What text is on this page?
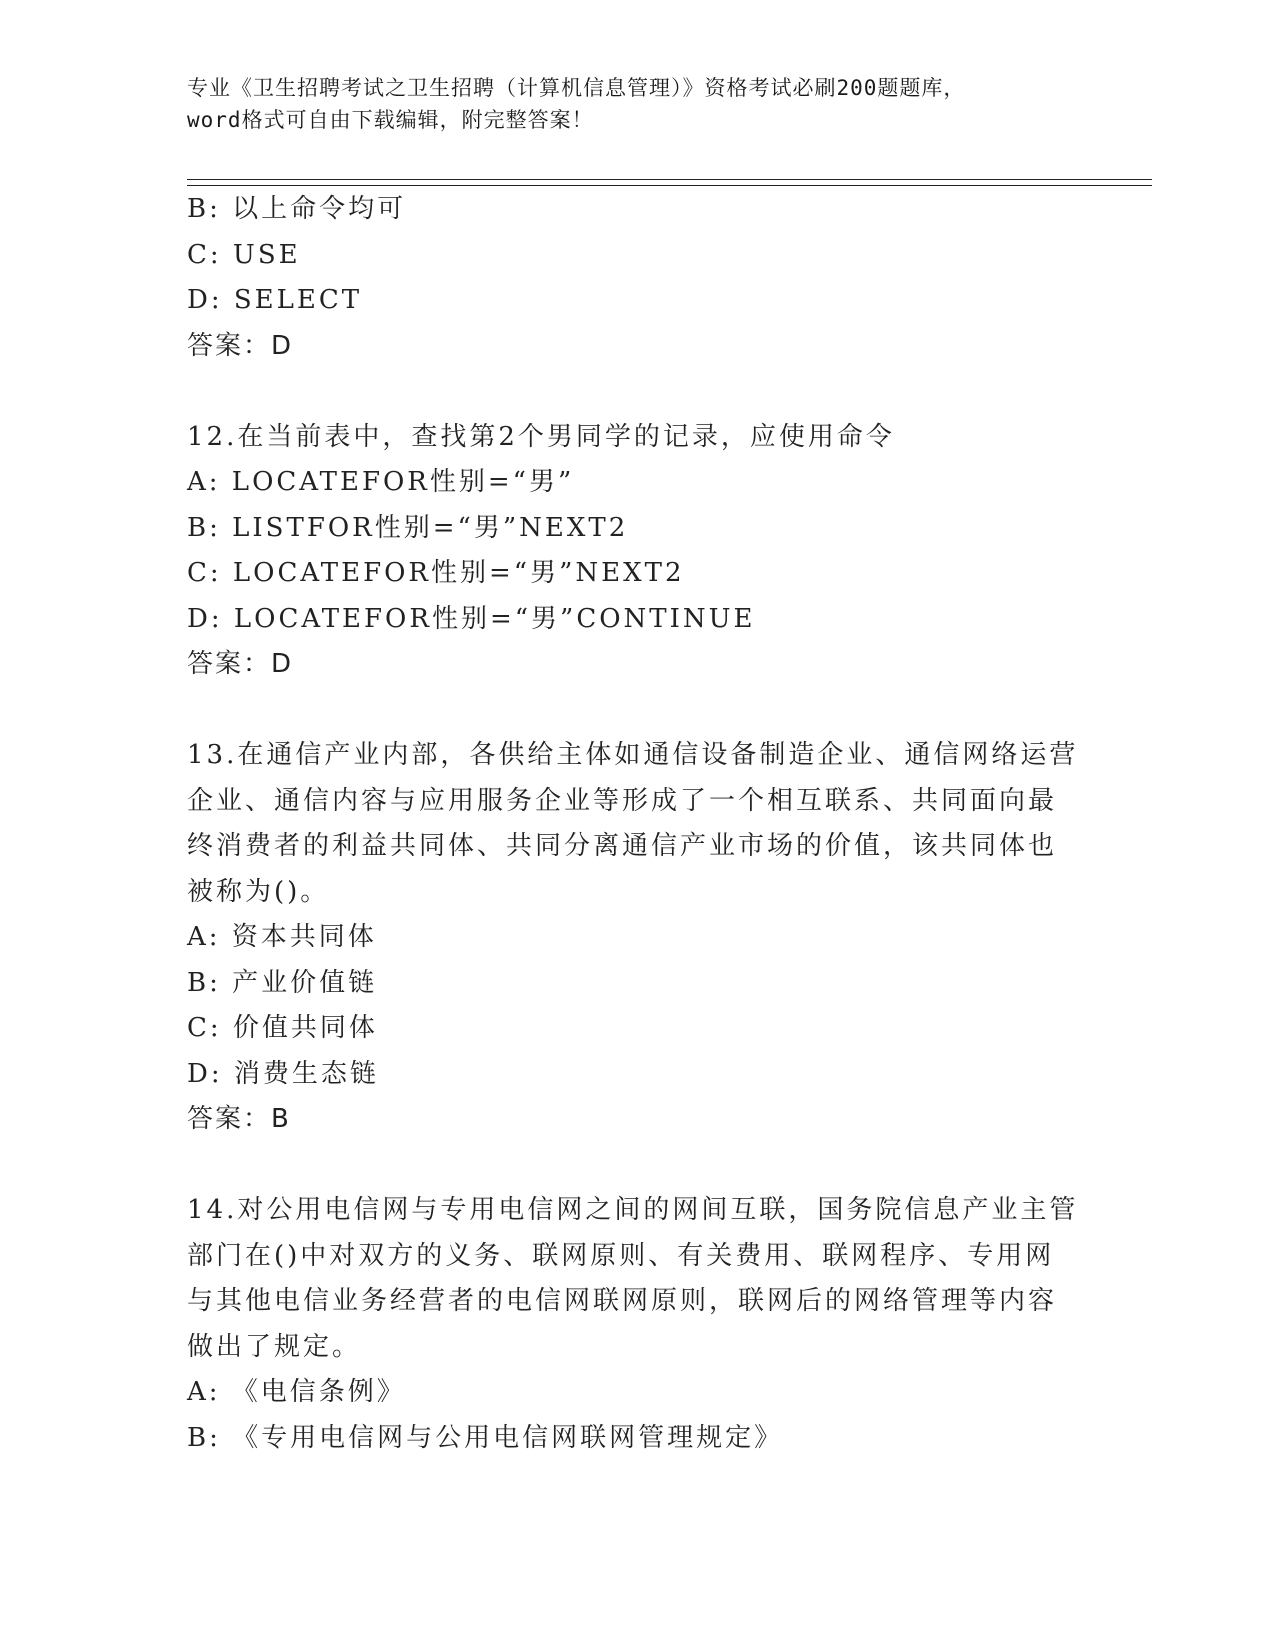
专业《卫生招聘考试之卫生招聘（计算机信息管理）》资格考试必刷200题题库，
word格式可自由下载编辑，附完整答案！
B: 以上命令均可
C: USE
D: SELECT
答案：D
12.在当前表中，查找第2个男同学的记录，应使用命令
A: LOCATEFOR性别=“男”
B: LISTFOR性别=“男”NEXT2
C: LOCATEFOR性别=“男”NEXT2
D: LOCATEFOR性别=“男”CONTINUE
答案：D
13.在通信产业内部，各供给主体如通信设备制造企业、通信网络运营
企业、通信内容与应用服务企业等形成了一个相互联系、共同面向最
终消费者的利益共同体、共同分离通信产业市场的价值，该共同体也
被称为()。
A: 资本共同体
B: 产业价值链
C: 价值共同体
D: 消费生态链
答案：B
14.对公用电信网与专用电信网之间的网间互联，国务院信息产业主管
部门在()中对双方的义务、联网原则、有关费用、联网程序、专用网
与其他电信业务经营者的电信网联网原则，联网后的网络管理等内容
做出了规定。
A: 《电信条例》
B: 《专用电信网与公用电信网联网管理规定》
